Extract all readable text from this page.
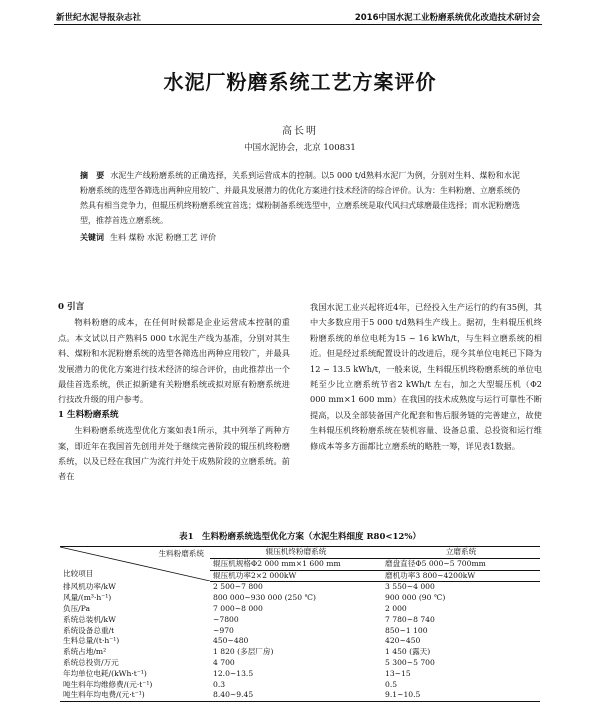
新世纪水泥导报杂志社	2016中国水泥工业粉磨系统优化改造技术研讨会
水泥厂粉磨系统工艺方案评价
高长明
中国水泥协会，北京 100831
摘　要 水泥生产线粉磨系统的正确选择，关系到运营成本的控制。以5 000 t/d熟料水泥厂为例，分别对生料、煤粉和水泥粉磨系统的选型各筛选出两种应用较广、并最具发展潜力的优化方案进行技术经济的综合评价。认为：生料粉磨、立磨系统仍然具有相当竞争力，但辊压机终粉磨系统宜首选；煤粉制备系统选型中，立磨系统是取代风扫式球磨最佳选择；而水泥粉磨选型，推荐首选立磨系统。
关键词 生料 煤粉 水泥 粉磨工艺 评价
0 引言

物料粉磨的成本，在任何时候都是企业运营成本控制的重点。本文试以日产熟料5 000 t水泥生产线为基准，分别对其生料、煤粉和水泥粉磨系统的选型各筛选出两种应用较广，并最具发展潜力的优化方案进行技术经济的综合评价，由此推荐出一个最佳首选系统，供正拟新建有关粉磨系统或拟对原有粉磨系统进行技改升级的用户参考。

1 生料粉磨系统

生料粉磨系统选型优化方案如表1所示，其中列举了两种方案，即近年在我国首先创用并处于继续完善阶段的辊压机终粉磨系统，以及已经在我国广为流行并处于成熟阶段的立磨系统。前者在

我国水泥工业兴起将近4年，已经投入生产运行的约有35例，其中大多数应用于5 000 t/d熟料生产线上。据初，生料辊压机终粉磨系统的单位电耗为15 ~ 16 kWh/t，与生料立磨系统的相近。但是经过系统配置设计的改进后，现今其单位电耗已下降为12 ~ 13.5 kWh/t，一般来说，生料辊压机终粉磨系统的单位电耗至少比立磨系统节省2 kWh/t 左右，加之大型辊压机（Φ2 000 mm×1 600 mm）在我国的技术成熟度与运行可靠性不断提高，以及全部装备国产化配套和售后服务链的完善建立，故使生料辊压机终粉磨系统在装机容量、设备总重、总投资和运行维修成本等多方面都比立磨系统的略胜一筹，详见表1数据。

表1　生料粉磨系统选型优化方案（水泥生料细度 R80<12%）
生料粉磨系统
比较项目	辊压机终粉磨系统	立磨系统
	辊压机规格Φ2 000 mm×1 600 mm	磨盘直径Φ5 000~5 700mm
	辊压机功率2×2 000kW	磨机功率3 800~4200kW
排风机功率/kW	2 500~7 800	3 550~4 000
风量/(m³·h⁻¹)	800 000~930 000 (250 ℃)	900 000 (90 ℃)
负压/Pa	7 000~8 000	2 000
系统总装机/kW	~7800	7 780~8 740
系统设备总重/t	~970	850~1 100
生料总量/(t·h⁻¹)	450~480	420~450
系统占地/m²	1 820 (多层厂房)	1 450 (露天)
系统总投资/万元	4 700	5 300~5 700
年均单位电耗/(kWh·t⁻¹)	12.0~13.5	13~15
吨生料年均维修费/(元·t⁻¹)	0.3	0.5
吨生料年均电费/(元·t⁻¹)	8.40~9.45	9.1~10.5
